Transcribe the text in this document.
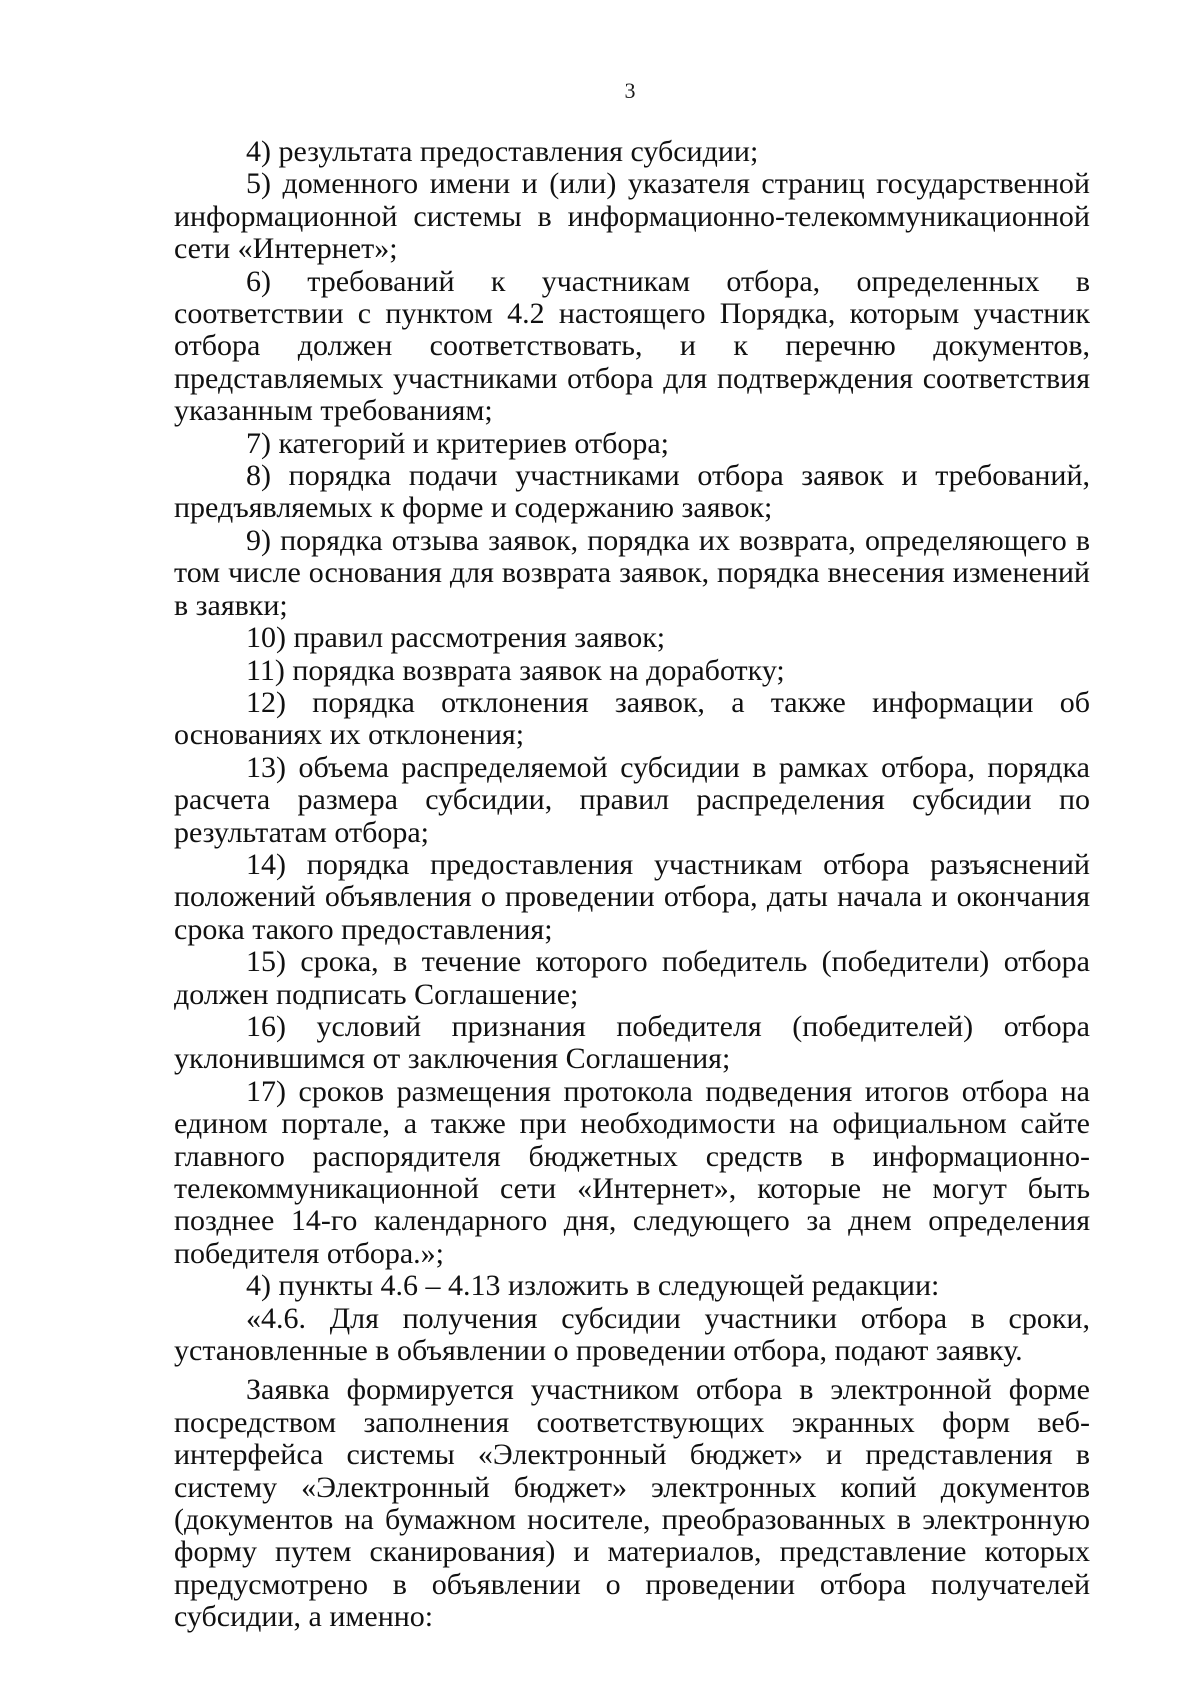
3

4) результата предоставления субсидии;

5) доменного имени и (или) указателя страниц государственной информационной системы в информационно-телекоммуникационной сети «Интернет»;

6) требований к участникам отбора, определенных в соответствии с пунктом 4.2 настоящего Порядка, которым участник отбора должен соответствовать, и к перечню документов, представляемых участниками отбора для подтверждения соответствия указанным требованиям;

7) категорий и критериев отбора;

8) порядка подачи участниками отбора заявок и требований, предъявляемых к форме и содержанию заявок;

9) порядка отзыва заявок, порядка их возврата, определяющего в том числе основания для возврата заявок, порядка внесения изменений в заявки;

10) правил рассмотрения заявок;

11) порядка возврата заявок на доработку;

12) порядка отклонения заявок, а также информации об основаниях их отклонения;

13) объема распределяемой субсидии в рамках отбора, порядка расчета размера субсидии, правил распределения субсидии по результатам отбора;

14) порядка предоставления участникам отбора разъяснений положений объявления о проведении отбора, даты начала и окончания срока такого предоставления;

15) срока, в течение которого победитель (победители) отбора должен подписать Соглашение;

16) условий признания победителя (победителей) отбора уклонившимся от заключения Соглашения;

17) сроков размещения протокола подведения итогов отбора на едином портале, а также при необходимости на официальном сайте главного распорядителя бюджетных средств в информационно-телекоммуникационной сети «Интернет», которые не могут быть позднее 14-го календарного дня, следующего за днем определения победителя отбора.»;

4) пункты 4.6 – 4.13 изложить в следующей редакции:

«4.6. Для получения субсидии участники отбора в сроки, установленные в объявлении о проведении отбора, подают заявку.

Заявка формируется участником отбора в электронной форме посредством заполнения соответствующих экранных форм веб-интерфейса системы «Электронный бюджет» и представления в систему «Электронный бюджет» электронных копий документов (документов на бумажном носителе, преобразованных в электронную форму путем сканирования) и материалов, представление которых предусмотрено в объявлении о проведении отбора получателей субсидии, а именно:
